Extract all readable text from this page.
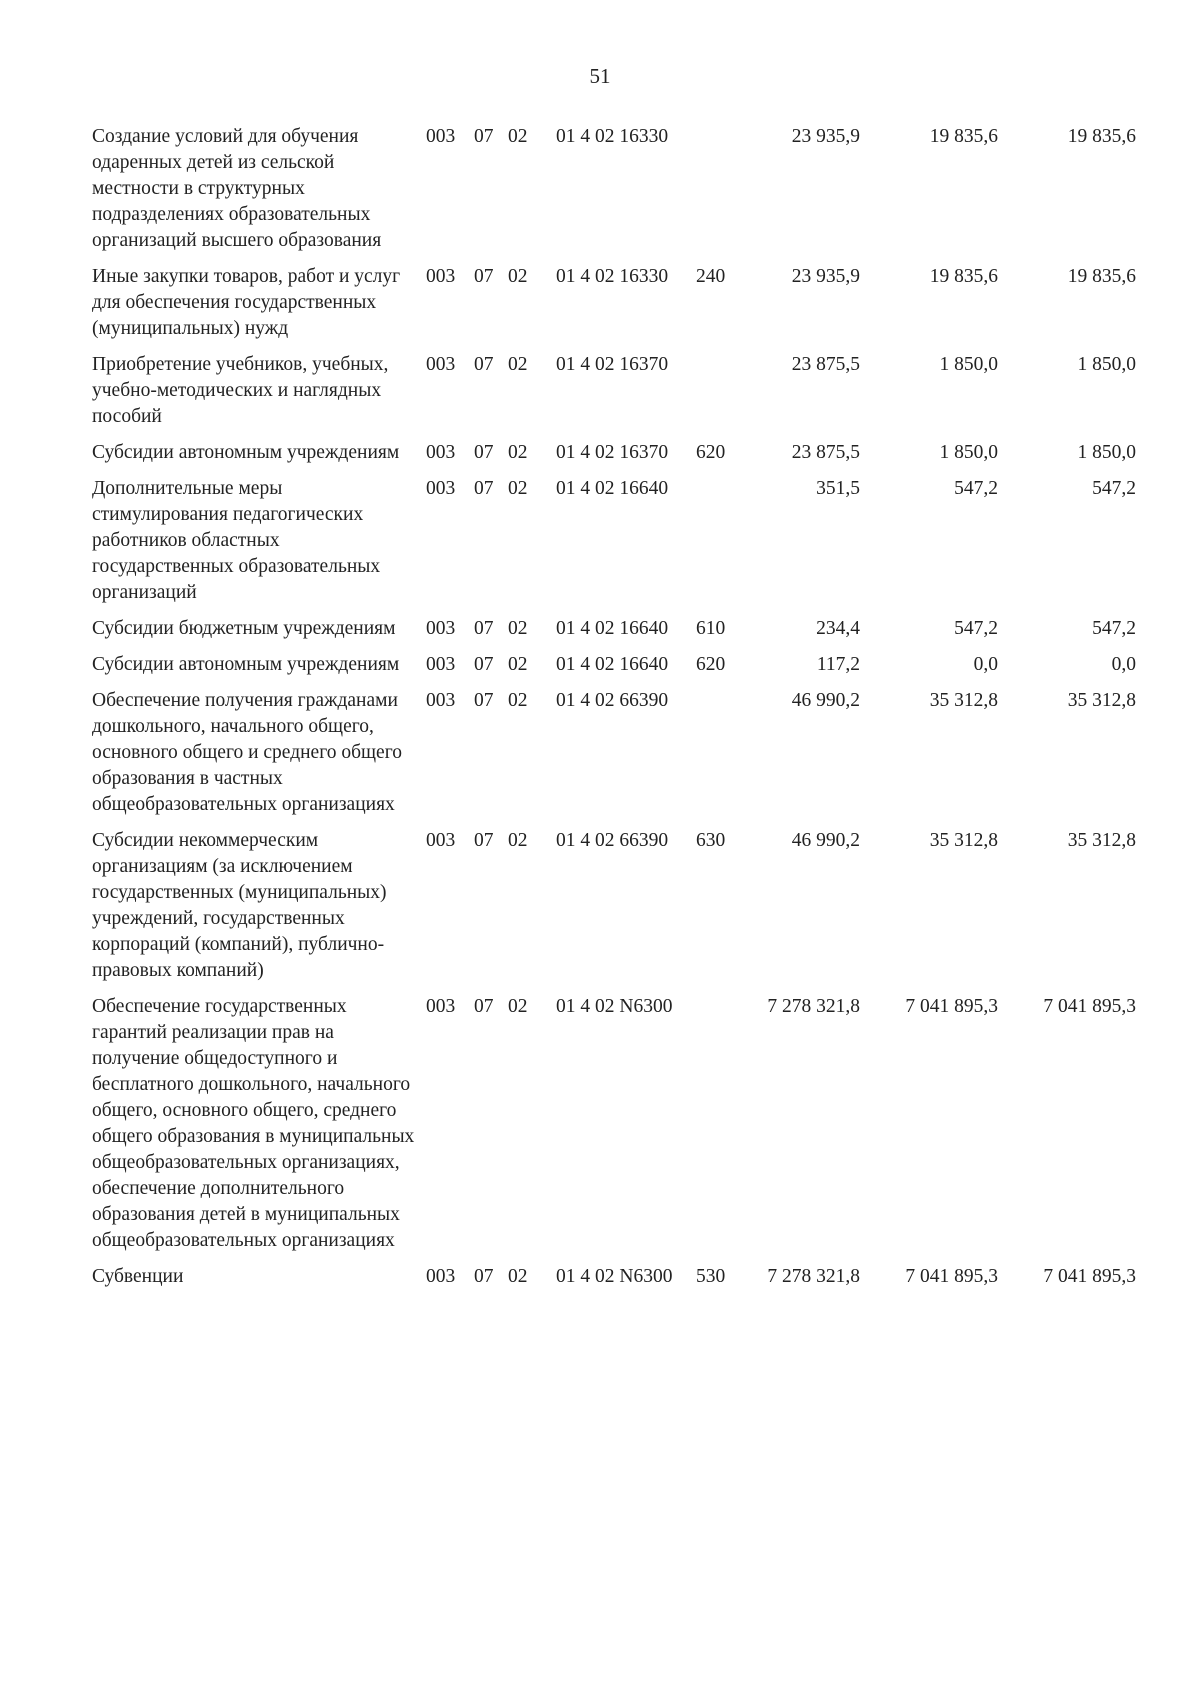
51
Создание условий для обучения одаренных детей из сельской местности в структурных подразделениях образовательных организаций высшего образования	003	07	02	01 4 02 16330		23 935,9	19 835,6	19 835,6
Иные закупки товаров, работ и услуг для обеспечения государственных (муниципальных) нужд	003	07	02	01 4 02 16330	240	23 935,9	19 835,6	19 835,6
Приобретение учебников, учебных, учебно-методических и наглядных пособий	003	07	02	01 4 02 16370		23 875,5	1 850,0	1 850,0
Субсидии автономным учреждениям	003	07	02	01 4 02 16370	620	23 875,5	1 850,0	1 850,0
Дополнительные меры стимулирования педагогических работников областных государственных образовательных организаций	003	07	02	01 4 02 16640		351,5	547,2	547,2
Субсидии бюджетным учреждениям	003	07	02	01 4 02 16640	610	234,4	547,2	547,2
Субсидии автономным учреждениям	003	07	02	01 4 02 16640	620	117,2	0,0	0,0
Обеспечение получения гражданами дошкольного, начального общего, основного общего и среднего общего образования в частных общеобразовательных организациях	003	07	02	01 4 02 66390		46 990,2	35 312,8	35 312,8
Субсидии некоммерческим организациям (за исключением государственных (муниципальных) учреждений, государственных корпораций (компаний), публично-правовых компаний)	003	07	02	01 4 02 66390	630	46 990,2	35 312,8	35 312,8
Обеспечение государственных гарантий реализации прав на получение общедоступного и бесплатного дошкольного, начального общего, основного общего, среднего общего образования в муниципальных общеобразовательных организациях, обеспечение дополнительного образования детей в муниципальных общеобразовательных организациях	003	07	02	01 4 02 N6300		7 278 321,8	7 041 895,3	7 041 895,3
Субвенции	003	07	02	01 4 02 N6300	530	7 278 321,8	7 041 895,3	7 041 895,3
